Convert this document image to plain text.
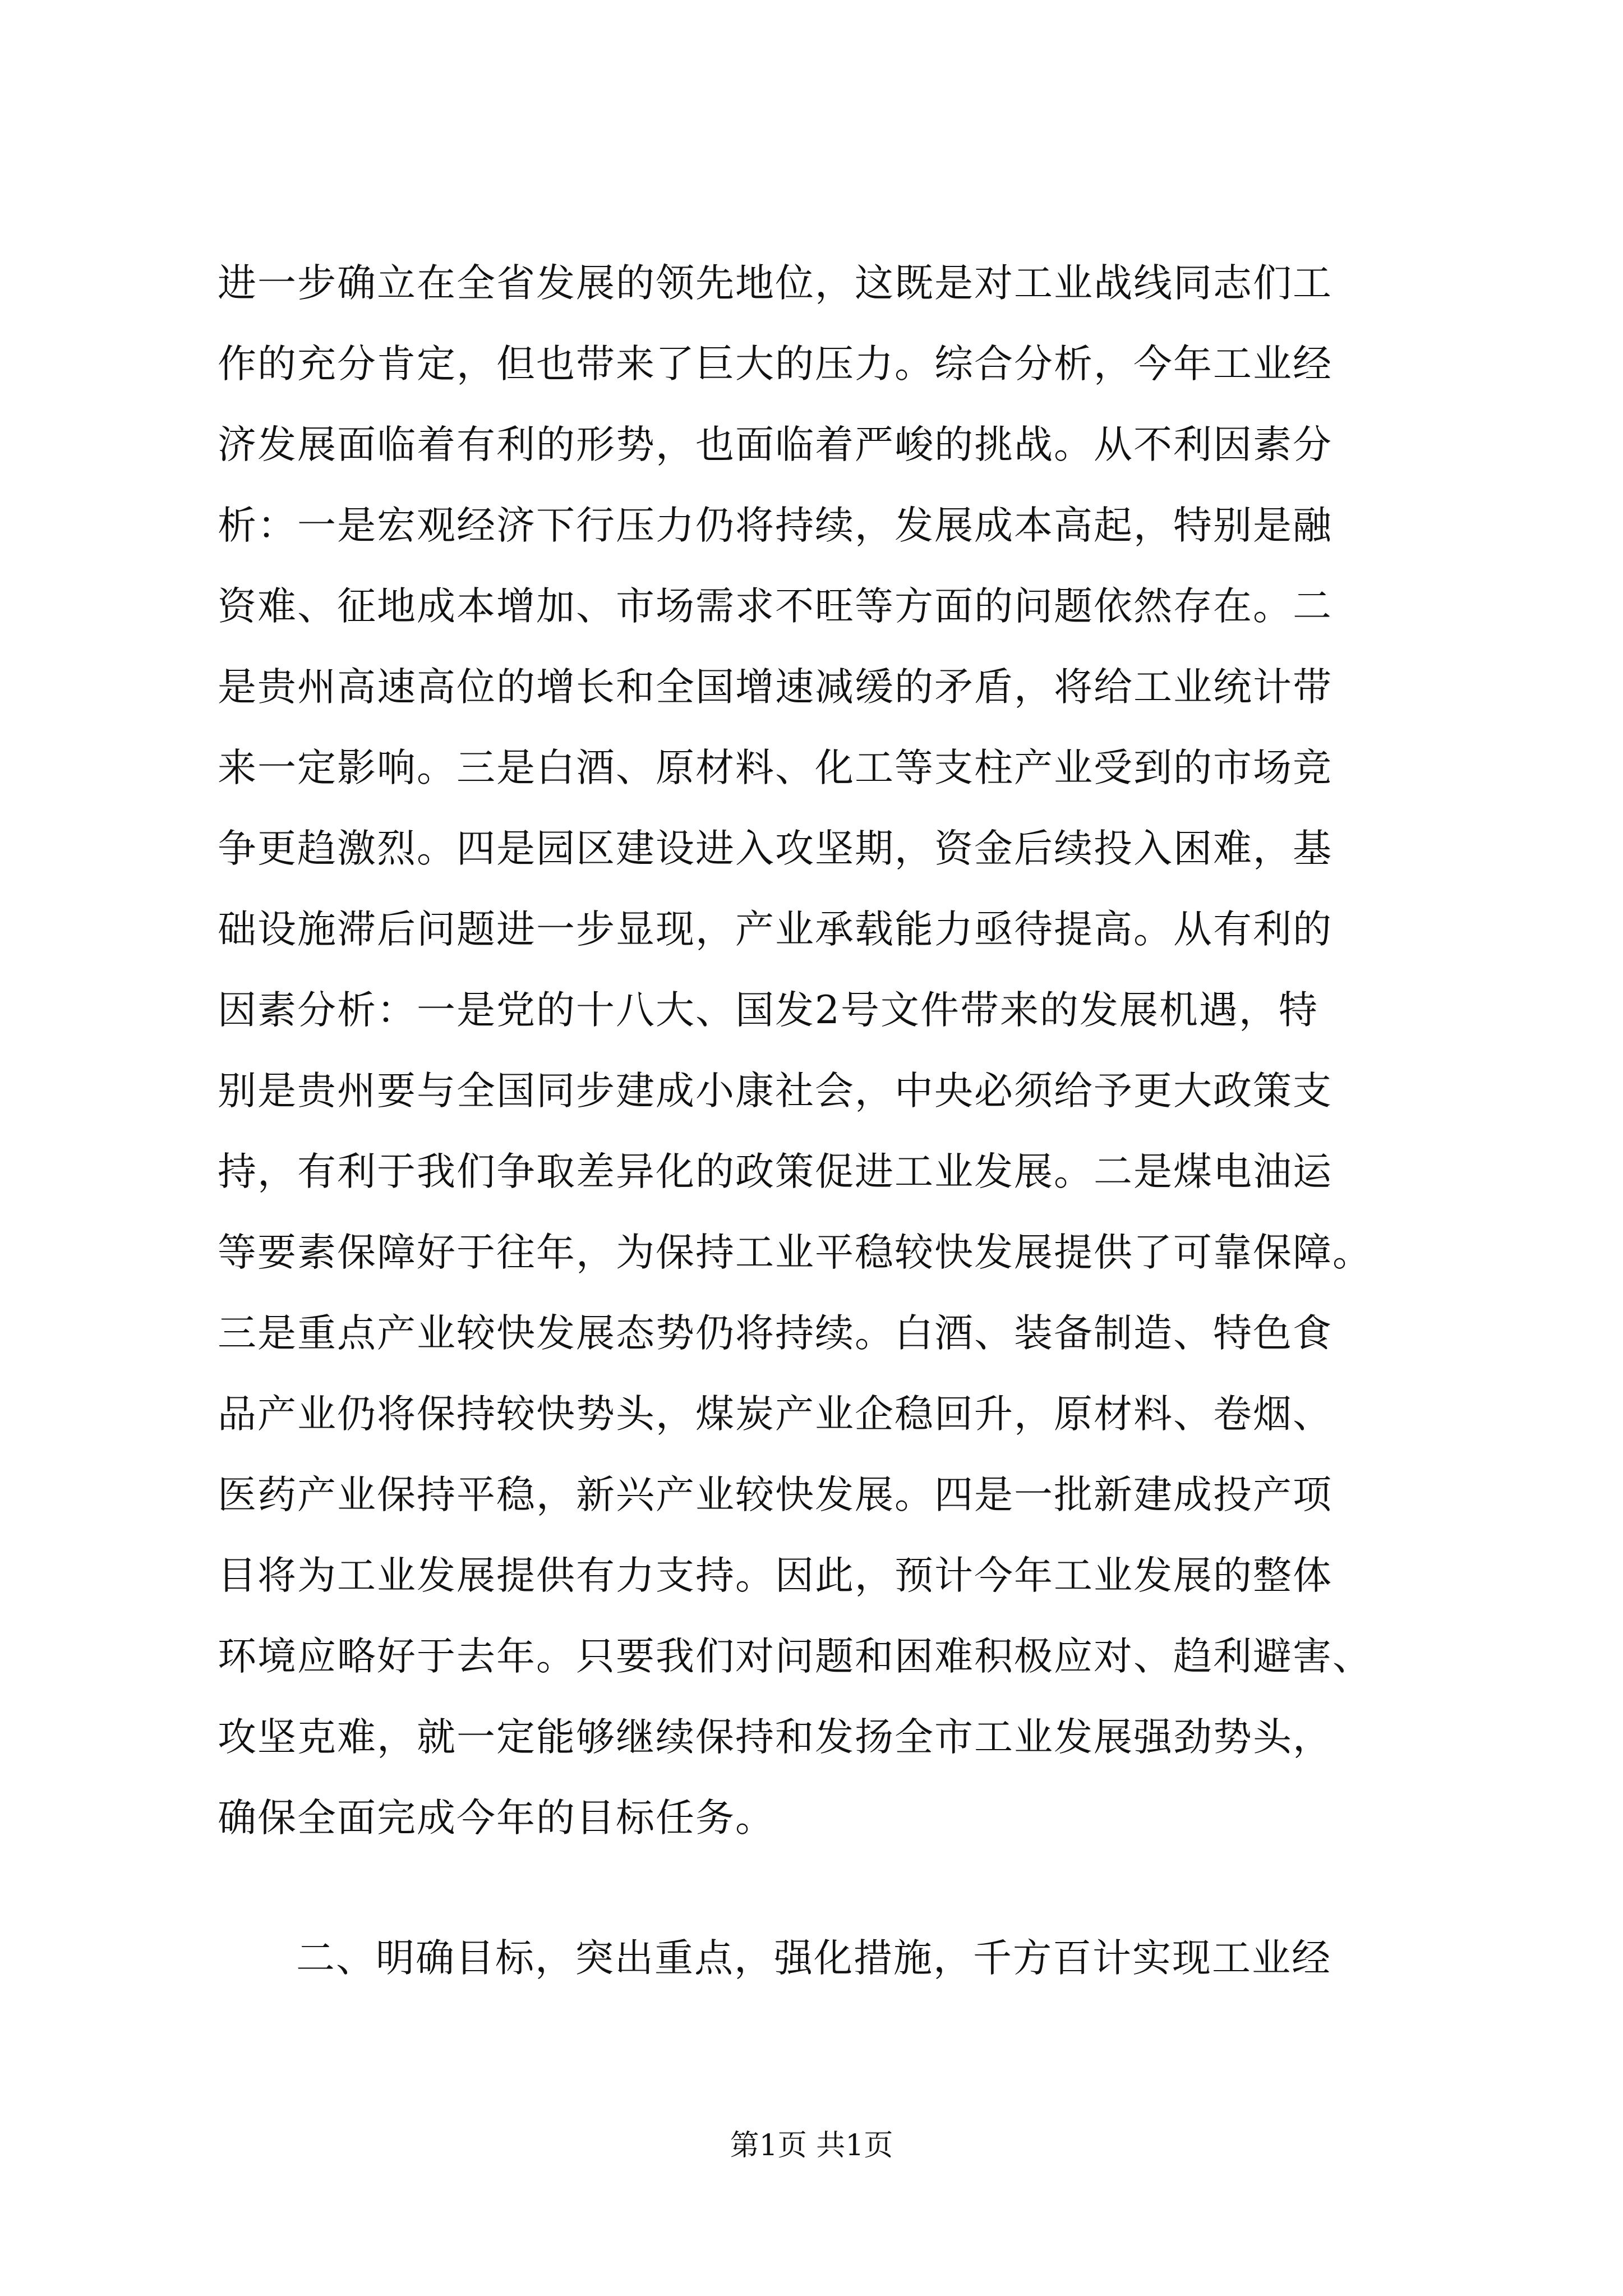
进一步确立在全省发展的领先地位，这既是对工业战线同志们工
作的充分肯定，但也带来了巨大的压力。综合分析，今年工业经
济发展面临着有利的形势，也面临着严峻的挑战。从不利因素分
析：一是宏观经济下行压力仍将持续，发展成本高起，特别是融
资难、征地成本增加、市场需求不旺等方面的问题依然存在。二
是贵州高速高位的增长和全国增速减缓的矛盾，将给工业统计带
来一定影响。三是白酒、原材料、化工等支柱产业受到的市场竞
争更趋激烈。四是园区建设进入攻坚期，资金后续投入困难，基
础设施滞后问题进一步显现，产业承载能力亟待提高。从有利的
因素分析：一是党的十八大、国发2号文件带来的发展机遇，特
别是贵州要与全国同步建成小康社会，中央必须给予更大政策支
持，有利于我们争取差异化的政策促进工业发展。二是煤电油运
等要素保障好于往年，为保持工业平稳较快发展提供了可靠保障。
三是重点产业较快发展态势仍将持续。白酒、装备制造、特色食
品产业仍将保持较快势头，煤炭产业企稳回升，原材料、卷烟、
医药产业保持平稳，新兴产业较快发展。四是一批新建成投产项
目将为工业发展提供有力支持。因此，预计今年工业发展的整体
环境应略好于去年。只要我们对问题和困难积极应对、趋利避害、
攻坚克难，就一定能够继续保持和发扬全市工业发展强劲势头，
确保全面完成今年的目标任务。
二、明确目标，突出重点，强化措施，千方百计实现工业经
第1页 共1页
